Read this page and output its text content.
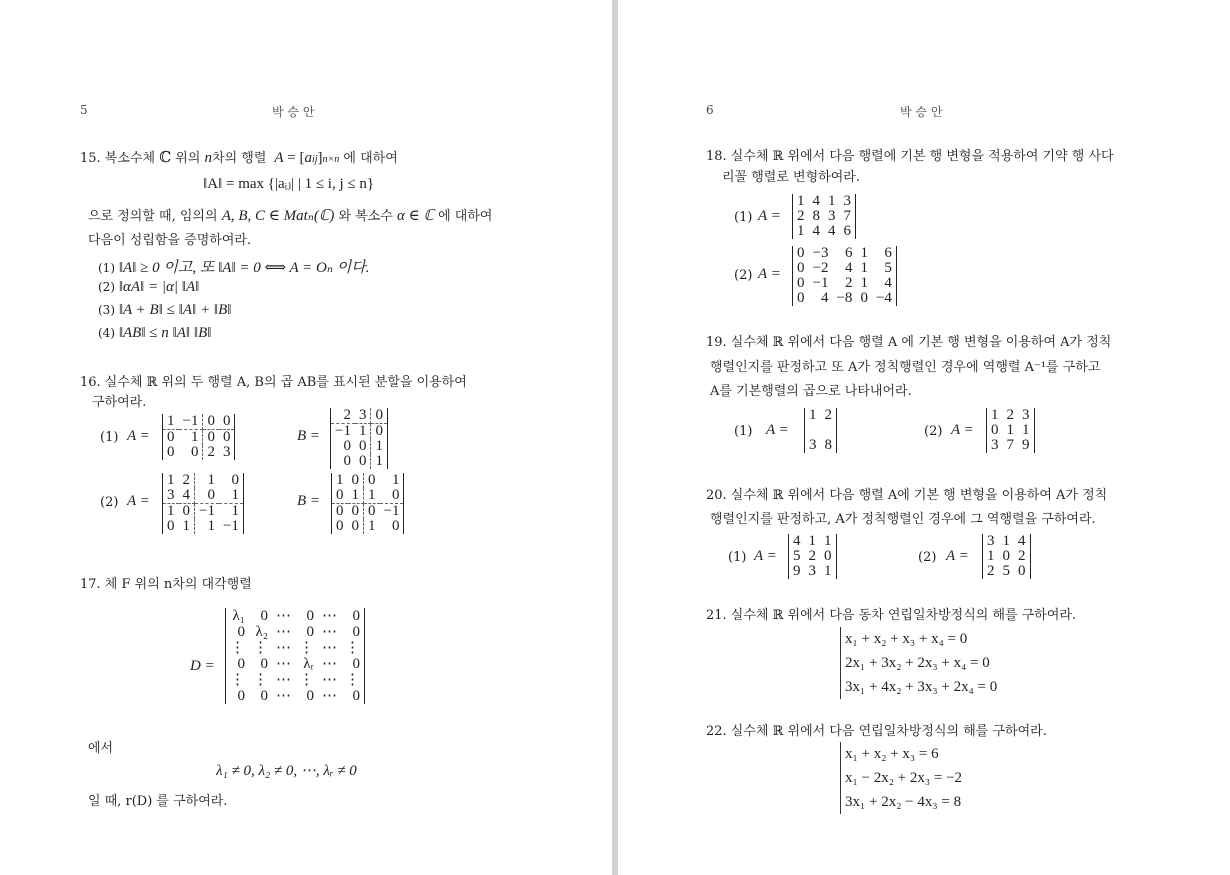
5	박 승 안
15. 복소수체 ℂ 위의 n차의 행렬  A = [aij]n×n 에 대하여
‖A‖ = max {|aᵢⱼ| | 1 ≤ i, j ≤ n}
으로 정의할 때, 임의의 A, B, C ∈ Matₙ(ℂ) 와 복소수 α ∈ ℂ 에 대하여
다음이 성립함을 증명하여라.
(1) ‖A‖ ≥ 0 이고, 또 ‖A‖ = 0 ⟺ A = Oₙ 이다.
(2) ‖αA‖ = |α| ‖A‖
(3) ‖A + B‖ ≤ ‖A‖ + ‖B‖
(4) ‖AB‖ ≤ n ‖A‖ ‖B‖
16. 실수체 ℝ 위의 두 행렬 A, B의 곱 AB를 표시된 분할을 이용하여
구하여라.
(1) A =
1	−1	0	0
0	1	0	0
0	0	2	3
B =
2	3	0
−1	1	0
0	0	1
0	0	1
(2) A =
1	2	1	0
3	4	0	1
1	0	−1	1
0	1	1	−1
B =
1	0	0	1
0	1	1	0
0	0	0	−1
0	0	1	0
17. 체 F 위의 n차의 대각행렬
D =
λ₁	0	⋯	0	⋯	0
0	λ₂	⋯	0	⋯	0
⋮	⋮	⋯	⋮	⋯	⋮
0	0	⋯	λᵣ	⋯	0
⋮	⋮	⋯	⋮	⋯	⋮
0	0	⋯	0	⋯	0
에서
λ₁ ≠ 0, λ₂ ≠ 0, ⋯, λᵣ ≠ 0
일 때, r(D) 를 구하여라.
6	박 승 안
18. 실수체 ℝ 위에서 다음 행렬에 기본 행 변형을 적용하여 기약 행 사다
리꼴 행렬로 변형하여라.
(1) A =
1	4	1	3
2	8	3	7
1	4	4	6
(2) A =
0	−3	6	1	6
0	−2	4	1	5
0	−1	2	1	4
0	4	−8	0	−4
19. 실수체 ℝ 위에서 다음 행렬 A 에 기본 행 변형을 이용하여 A가 정칙
행렬인지를 판정하고 또 A가 정칙행렬인 경우에 역행렬 A⁻¹를 구하고
A를 기본행렬의 곱으로 나타내어라.
(1) A =
1	2

3	8
(2) A =
1	2	3
0	1	1
3	7	9
20. 실수체 ℝ 위에서 다음 행렬 A에 기본 행 변형을 이용하여 A가 정칙
행렬인지를 판정하고, A가 정칙행렬인 경우에 그 역행렬을 구하여라.
(1) A =
4	1	1
5	2	0
9	3	1
(2) A =
3	1	4
1	0	2
2	5	0
21. 실수체 ℝ 위에서 다음 동차 연립일차방정식의 해를 구하여라.
x₁ + x₂ + x₃ + x₄ = 0
2x₁ + 3x₂ + 2x₃ + x₄ = 0
3x₁ + 4x₂ + 3x₃ + 2x₄ = 0
22. 실수체 ℝ 위에서 다음 연립일차방정식의 해를 구하여라.
x₁ + x₂ + x₃ = 6
x₁ − 2x₂ + 2x₃ = −2
3x₁ + 2x₂ − 4x₃ = 8
